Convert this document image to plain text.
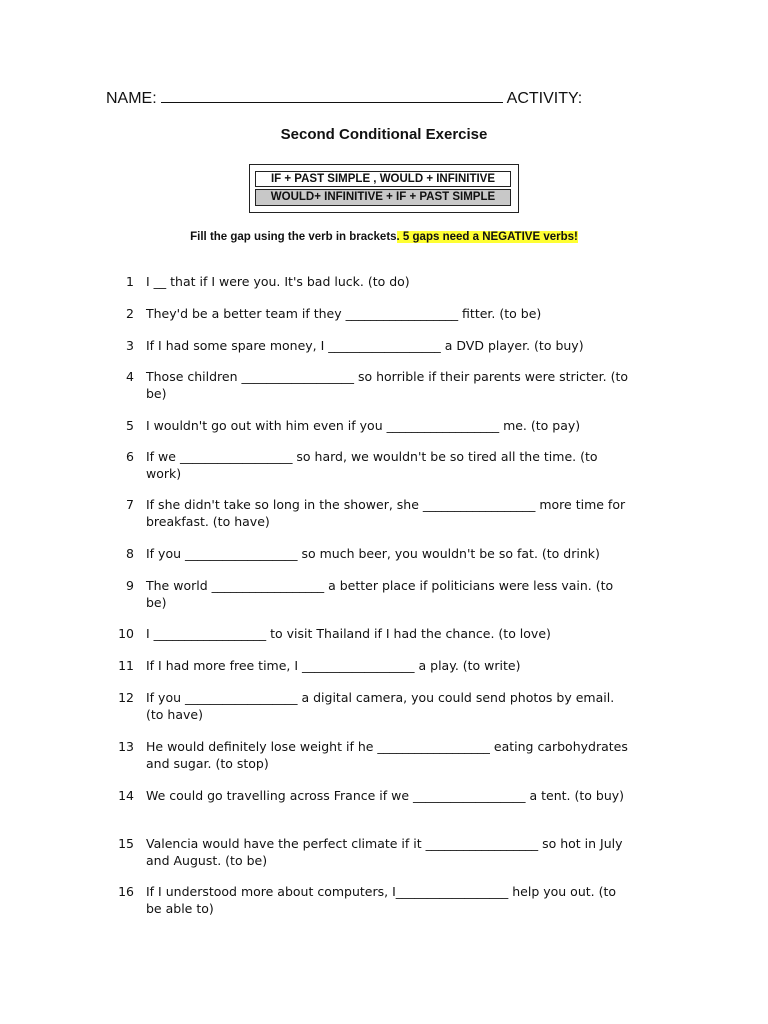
NAME:	ACTIVITY:
Second Conditional Exercise
IF + PAST SIMPLE , WOULD + INFINITIVE
WOULD+ INFINITIVE + IF + PAST SIMPLE
Fill the gap using the verb in brackets. 5 gaps need a NEGATIVE verbs!
1 I __ that if I were you. It's bad luck. (to do)
2 They'd be a better team if they __________________ fitter. (to be)
3 If I had some spare money, I __________________ a DVD player. (to buy)
4 Those children __________________ so horrible if their parents were stricter. (to be)
5 I wouldn't go out with him even if you __________________ me. (to pay)
6 If we __________________ so hard, we wouldn't be so tired all the time. (to work)
7 If she didn't take so long in the shower, she __________________ more time for breakfast. (to have)
8 If you __________________ so much beer, you wouldn't be so fat. (to drink)
9 The world __________________ a better place if politicians were less vain. (to be)
10 I __________________ to visit Thailand if I had the chance. (to love)
11 If I had more free time, I __________________ a play. (to write)
12 If you __________________ a digital camera, you could send photos by email. (to have)
13 He would definitely lose weight if he __________________ eating carbohydrates and sugar. (to stop)
14 We could go travelling across France if we __________________ a tent. (to buy)
15 Valencia would have the perfect climate if it __________________ so hot in July and August. (to be)
16 If I understood more about computers, I__________________ help you out. (to be able to)
